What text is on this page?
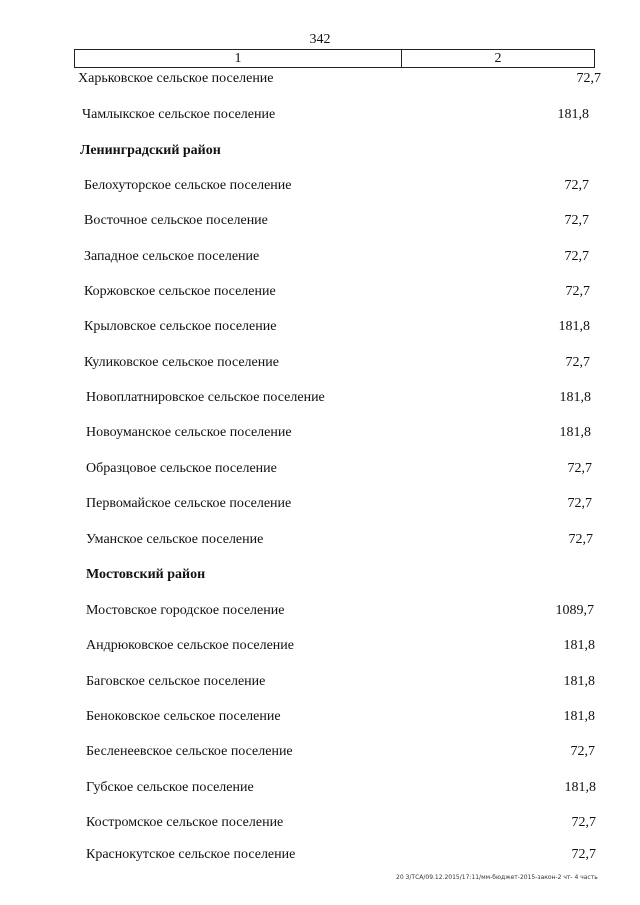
342
1	2
Харьковское сельское поселение	72,7
Чамлыкское сельское поселение	181,8
Ленинградский район
Белохуторское сельское поселение	72,7
Восточное сельское поселение	72,7
Западное сельское поселение	72,7
Коржовское сельское поселение	72,7
Крыловское сельское поселение	181,8
Куликовское сельское поселение	72,7
Новоплатнировское сельское поселение	181,8
Новоуманское сельское поселение	181,8
Образцовое сельское поселение	72,7
Первомайское сельское поселение	72,7
Уманское сельское поселение	72,7
Мостовский район
Мостовское городское поселение	1089,7
Андрюковское сельское поселение	181,8
Баговское сельское поселение	181,8
Беноковское сельское поселение	181,8
Бесленеевское сельское поселение	72,7
Губское сельское поселение	181,8
Костромское сельское поселение	72,7
Краснокутское сельское поселение	72,7
20 З/ТСА/09.12.2015/17:11/мм-бюджет-2015-закон-2 чт- 4 часть
